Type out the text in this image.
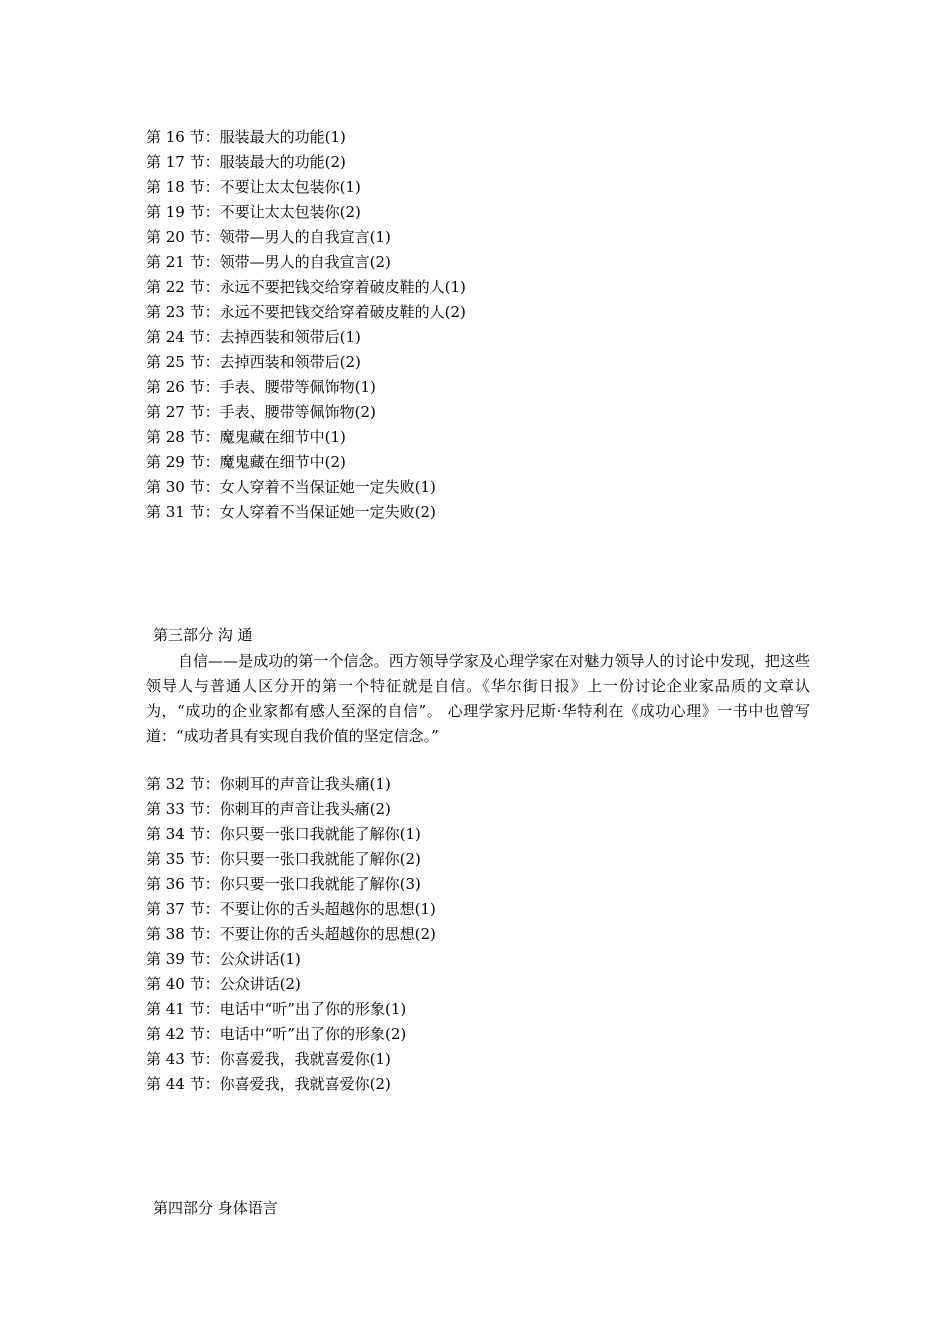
第 16 节：服装最大的功能(1)
第 17 节：服装最大的功能(2)
第 18 节：不要让太太包装你(1)
第 19 节：不要让太太包装你(2)
第 20 节：领带—男人的自我宣言(1)
第 21 节：领带—男人的自我宣言(2)
第 22 节：永远不要把钱交给穿着破皮鞋的人(1)
第 23 节：永远不要把钱交给穿着破皮鞋的人(2)
第 24 节：去掉西装和领带后(1)
第 25 节：去掉西装和领带后(2)
第 26 节：手表、腰带等佩饰物(1)
第 27 节：手表、腰带等佩饰物(2)
第 28 节：魔鬼藏在细节中(1)
第 29 节：魔鬼藏在细节中(2)
第 30 节：女人穿着不当保证她一定失败(1)
第 31 节：女人穿着不当保证她一定失败(2)
第三部分 沟 通

自信——是成功的第一个信念。西方领导学家及心理学家在对魅力领导人的讨论中发现，把这些领导人与普通人区分开的第一个特征就是自信。《华尔街日报》上一份讨论企业家品质的文章认为，“成功的企业家都有感人至深的自信”。 心理学家丹尼斯·华特利在《成功心理》一书中也曾写道：“成功者具有实现自我价值的坚定信念。”

第 32 节：你刺耳的声音让我头痛(1)
第 33 节：你刺耳的声音让我头痛(2)
第 34 节：你只要一张口我就能了解你(1)
第 35 节：你只要一张口我就能了解你(2)
第 36 节：你只要一张口我就能了解你(3)
第 37 节：不要让你的舌头超越你的思想(1)
第 38 节：不要让你的舌头超越你的思想(2)
第 39 节：公众讲话(1)
第 40 节：公众讲话(2)
第 41 节：电话中“听”出了你的形象(1)
第 42 节：电话中“听”出了你的形象(2)
第 43 节：你喜爱我，我就喜爱你(1)
第 44 节：你喜爱我，我就喜爱你(2)
第四部分 身体语言
